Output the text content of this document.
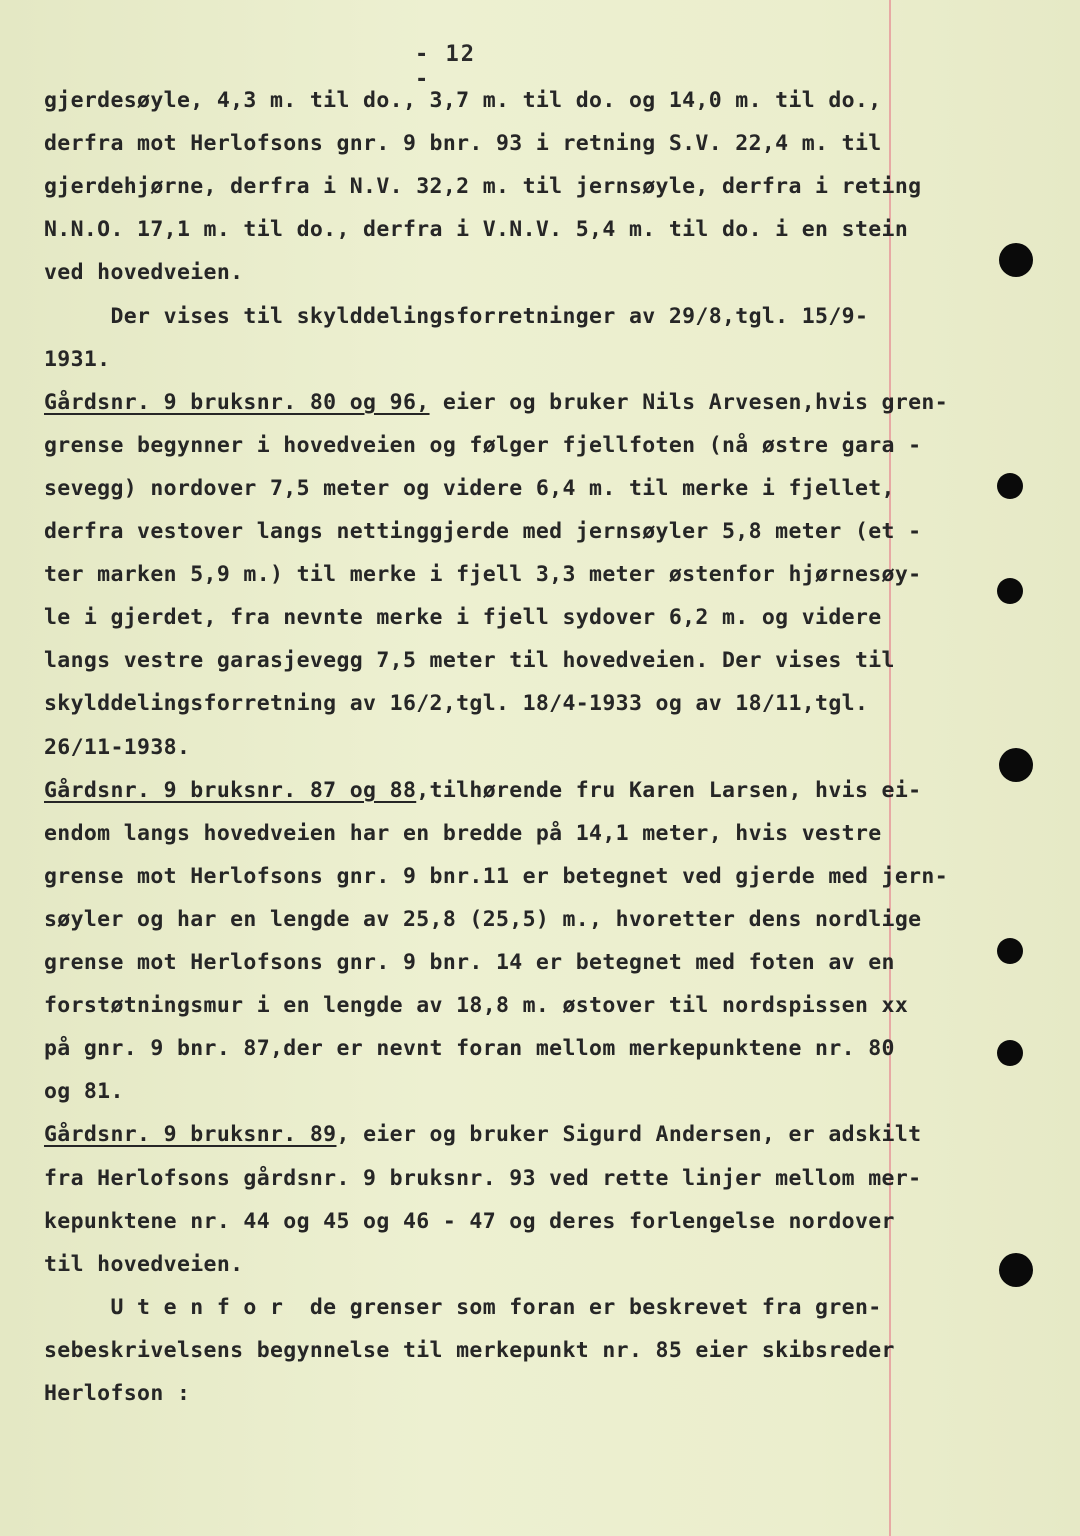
- 12 -
gjerdesøyle, 4,3 m. til do., 3,7 m. til do. og 14,0 m. til do.,
derfra mot Herlofsons gnr. 9 bnr. 93 i retning S.V. 22,4 m. til
gjerdehjørne, derfra i N.V. 32,2 m. til jernsøyle, derfra i reting
N.N.O. 17,1 m. til do., derfra i V.N.V. 5,4 m. til do. i en stein
ved hovedveien.
Der vises til skylddelingsforretninger av 29/8,tgl. 15/9-
1931.
Gårdsnr. 9 bruksnr. 80 og 96, eier og bruker Nils Arvesen,hvis gren-
grense begynner i hovedveien og følger fjellfoten (nå østre gara -
sevegg) nordover 7,5 meter og videre 6,4 m. til merke i fjellet,
derfra vestover langs nettinggjerde med jernsøyler 5,8 meter (et -
ter marken 5,9 m.) til merke i fjell 3,3 meter østenfor hjørnesøy-
le i gjerdet, fra nevnte merke i fjell sydover 6,2 m. og videre
langs vestre garasjevegg 7,5 meter til hovedveien. Der vises til
skylddelingsforretning av 16/2,tgl. 18/4-1933 og av 18/11,tgl.
26/11-1938.
Gårdsnr. 9 bruksnr. 87 og 88,tilhørende fru Karen Larsen, hvis ei-
endom langs hovedveien har en bredde på 14,1 meter, hvis vestre
grense mot Herlofsons gnr. 9 bnr.11 er betegnet ved gjerde med jern-
søyler og har en lengde av 25,8 (25,5) m., hvoretter dens nordlige
grense mot Herlofsons gnr. 9 bnr. 14 er betegnet med foten av en
forstøtningsmur i en lengde av 18,8 m. østover til nordspissen xx
på gnr. 9 bnr. 87,der er nevnt foran mellom merkepunktene nr. 80
og 81.
Gårdsnr. 9 bruksnr. 89, eier og bruker Sigurd Andersen, er adskilt
fra Herlofsons gårdsnr. 9 bruksnr. 93 ved rette linjer mellom mer-
kepunktene nr. 44 og 45 og 46 - 47 og deres forlengelse nordover
til hovedveien.
U t e n f o r  de grenser som foran er beskrevet fra gren-
sebeskrivelsens begynnelse til merkepunkt nr. 85 eier skibsreder
Herlofson :
